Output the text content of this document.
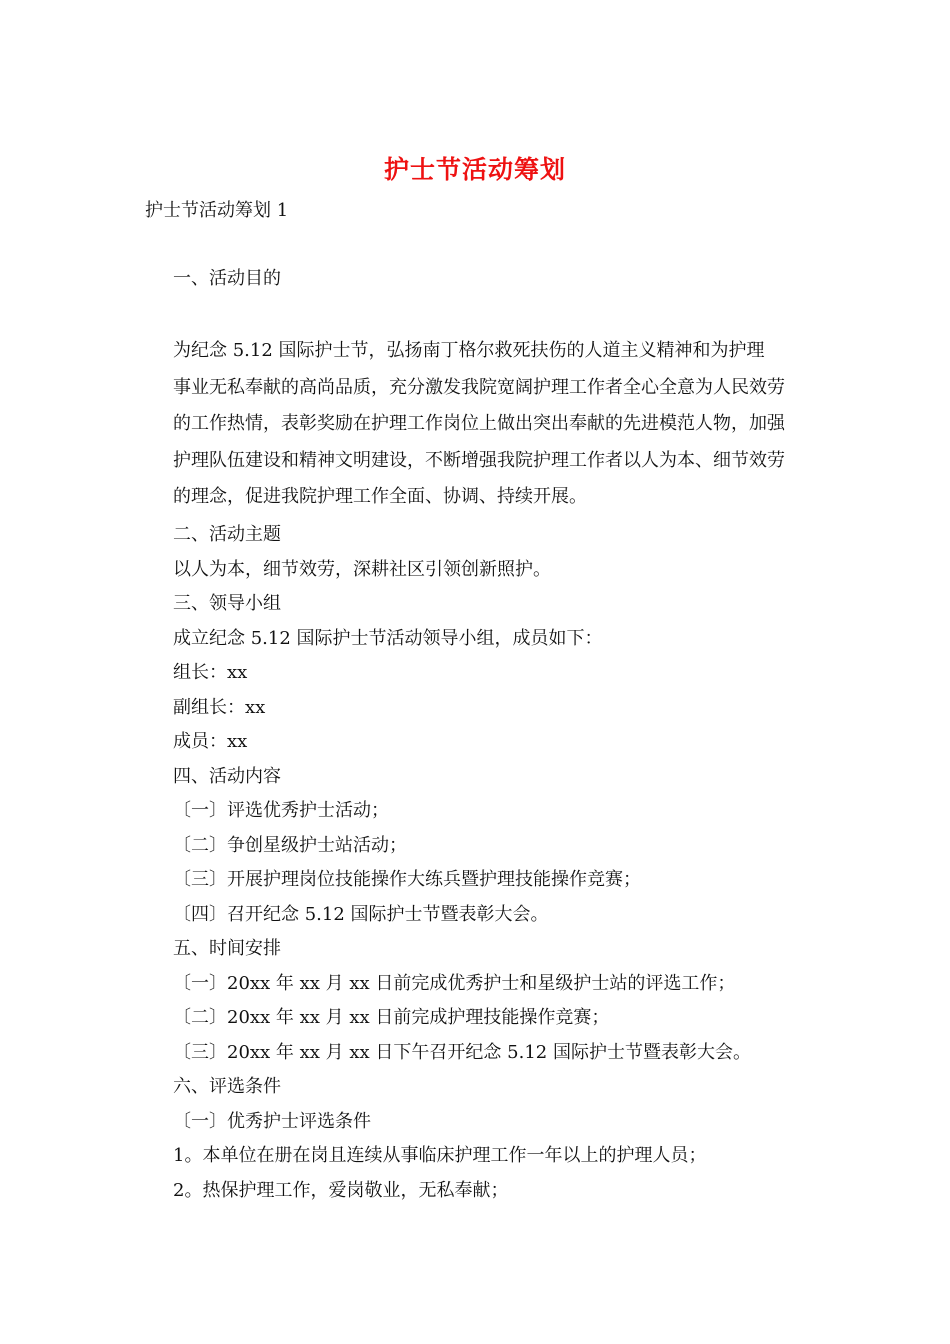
护士节活动筹划
护士节活动筹划 1
一、活动目的
为纪念 5.12 国际护士节，弘扬南丁格尔救死扶伤的人道主义精神和为护理
事业无私奉献的高尚品质，充分激发我院宽阔护理工作者全心全意为人民效劳
的工作热情，表彰奖励在护理工作岗位上做出突出奉献的先进模范人物，加强
护理队伍建设和精神文明建设，不断增强我院护理工作者以人为本、细节效劳
的理念，促进我院护理工作全面、协调、持续开展。
二、活动主题
以人为本，细节效劳，深耕社区引领创新照护。
三、领导小组
成立纪念 5.12 国际护士节活动领导小组，成员如下：
组长：xx
副组长：xx
成员：xx
四、活动内容
〔一〕评选优秀护士活动；
〔二〕争创星级护士站活动；
〔三〕开展护理岗位技能操作大练兵暨护理技能操作竞赛；
〔四〕召开纪念 5.12 国际护士节暨表彰大会。
五、时间安排
〔一〕20xx 年 xx 月 xx 日前完成优秀护士和星级护士站的评选工作；
〔二〕20xx 年 xx 月 xx 日前完成护理技能操作竞赛；
〔三〕20xx 年 xx 月 xx 日下午召开纪念 5.12 国际护士节暨表彰大会。
六、评选条件
〔一〕优秀护士评选条件
1。本单位在册在岗且连续从事临床护理工作一年以上的护理人员；
2。热保护理工作，爱岗敬业，无私奉献；
